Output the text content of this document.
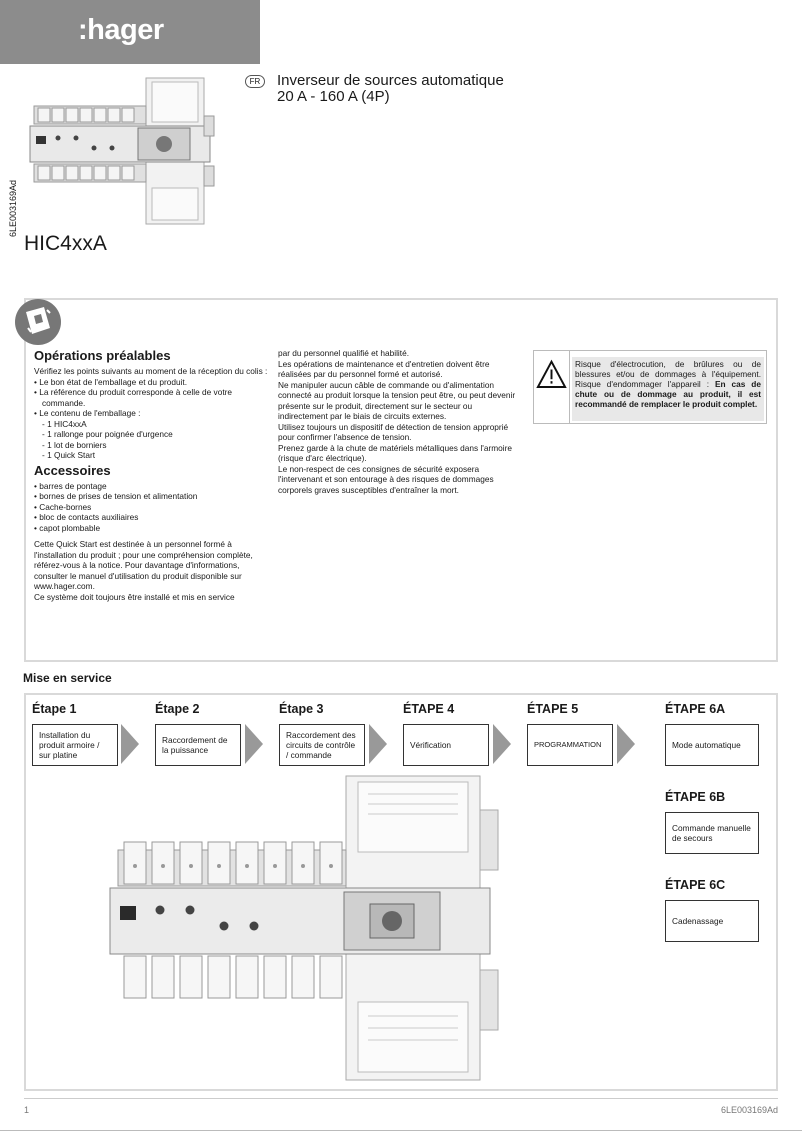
:hager
6LE003169Ad
HIC4xxA
FR	Inverseur de sources automatique
20 A - 160 A (4P)
Opérations préalables
Vérifiez les points suivants au moment de la réception du colis :
• Le bon état de l'emballage et du produit.
• La référence du produit corresponde à celle de votre commande.
• Le contenu de l'emballage :
- 1 HIC4xxA
- 1 rallonge pour poignée d'urgence
- 1 lot de borniers
- 1 Quick Start
Accessoires
• barres de pontage
• bornes de prises de tension et alimentation
• Cache-bornes
• bloc de contacts auxiliaires
• capot plombable
Cette Quick Start est destinée à un personnel formé à l'installation du produit ; pour une compréhension complète, référez-vous à la notice. Pour davantage d'informations, consulter le manuel d'utilisation du produit disponible sur www.hager.com.
Ce système doit toujours être installé et mis en service
par du personnel qualifié et habilité.
Les opérations de maintenance et d'entretien doivent être réalisées par du personnel formé et autorisé.
Ne manipuler aucun câble de commande ou d'alimentation connecté au produit lorsque la tension peut être, ou peut devenir présente sur le produit, directement sur le secteur ou indirectement par le biais de circuits externes.
Utilisez toujours un dispositif de détection de tension approprié pour confirmer l'absence de tension.
Prenez garde à la chute de matériels métalliques dans l'armoire (risque d'arc électrique).
Le non-respect de ces consignes de sécurité exposera l'intervenant et son entourage à des risques de dommages corporels graves susceptibles d'entraîner la mort.
Risque d'électrocution, de brûlures ou de blessures et/ou de dommages à l'équipement. Risque d'endommager l'appareil : En cas de chute ou de dommage au produit, il est recommandé de remplacer le produit complet.
Mise en service
Étape 1	Étape 2	Étape 3	ÉTAPE 4	ÉTAPE 5	ÉTAPE 6A
Installation du produit armoire / sur platine
Raccordement de la puissance
Raccordement des circuits de contrôle / commande
Vérification	PROGRAMMATION	Mode automatique
ÉTAPE 6B
Commande manuelle de secours
ÉTAPE 6C
Cadenassage
1	6LE003169Ad
